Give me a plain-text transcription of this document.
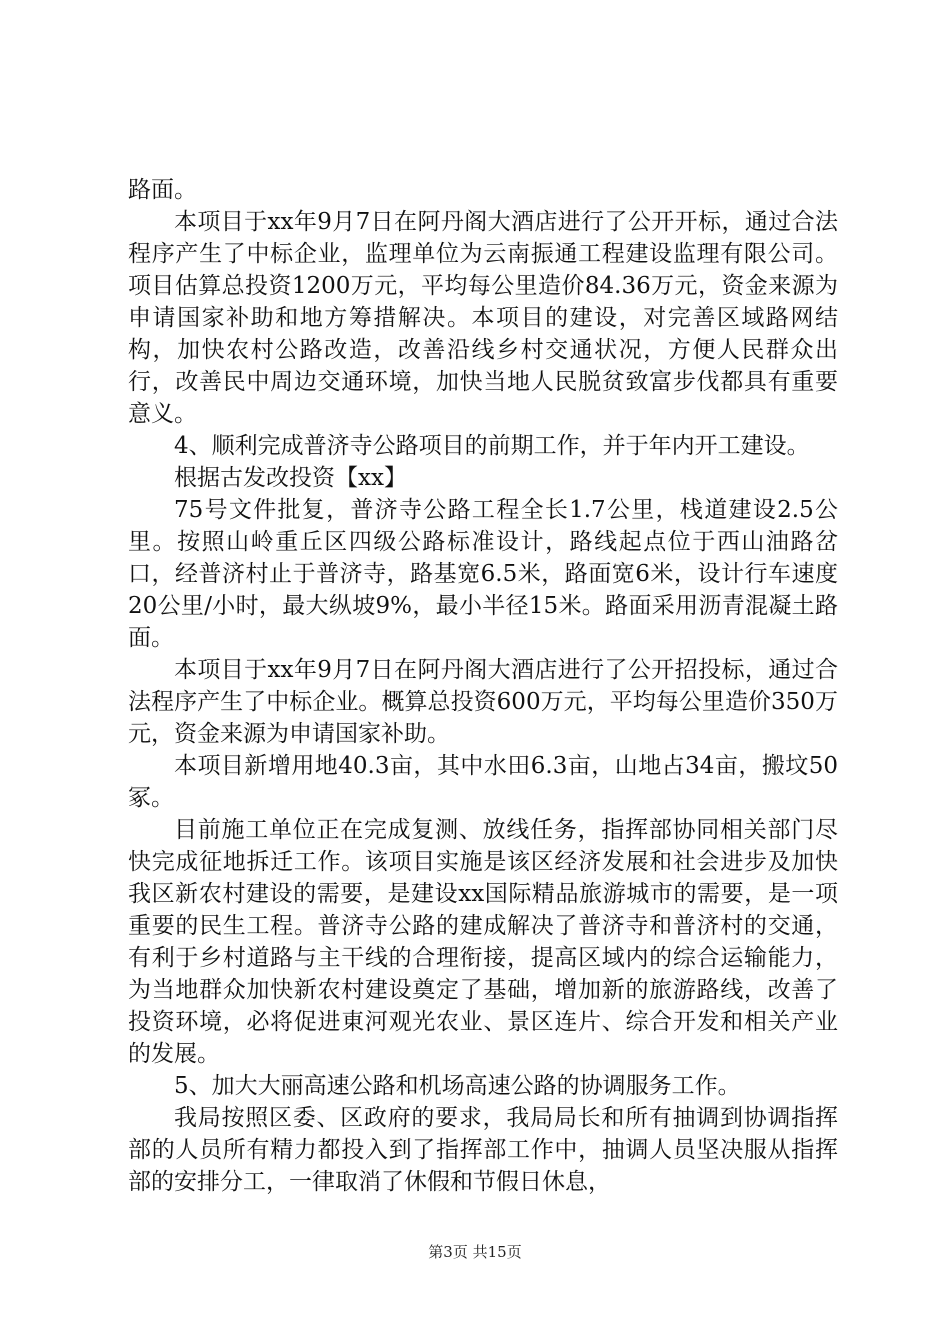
路面。

本项目于xx年9月7日在阿丹阁大酒店进行了公开开标，通过合法程序产生了中标企业，监理单位为云南振通工程建设监理有限公司。项目估算总投资1200万元，平均每公里造价84.36万元，资金来源为申请国家补助和地方筹措解决。本项目的建设，对完善区域路网结构，加快农村公路改造，改善沿线乡村交通状况，方便人民群众出行，改善民中周边交通环境，加快当地人民脱贫致富步伐都具有重要意义。

4、顺利完成普济寺公路项目的前期工作，并于年内开工建设。

根据古发改投资【xx】

75号文件批复，普济寺公路工程全长1.7公里，栈道建设2.5公里。按照山岭重丘区四级公路标准设计，路线起点位于西山油路岔口，经普济村止于普济寺，路基宽6.5米，路面宽6米，设计行车速度20公里/小时，最大纵坡9%，最小半径15米。路面采用沥青混凝土路面。

本项目于xx年9月7日在阿丹阁大酒店进行了公开招投标，通过合法程序产生了中标企业。概算总投资600万元，平均每公里造价350万元，资金来源为申请国家补助。

本项目新增用地40.3亩，其中水田6.3亩，山地占34亩，搬坟50冢。

目前施工单位正在完成复测、放线任务，指挥部协同相关部门尽快完成征地拆迁工作。该项目实施是该区经济发展和社会进步及加快我区新农村建设的需要，是建设xx国际精品旅游城市的需要，是一项重要的民生工程。普济寺公路的建成解决了普济寺和普济村的交通，有利于乡村道路与主干线的合理衔接，提高区域内的综合运输能力，为当地群众加快新农村建设奠定了基础，增加新的旅游路线，改善了投资环境，必将促进東河观光农业、景区连片、综合开发和相关产业的发展。

5、加大大丽高速公路和机场高速公路的协调服务工作。

我局按照区委、区政府的要求，我局局长和所有抽调到协调指挥部的人员所有精力都投入到了指挥部工作中，抽调人员坚决服从指挥部的安排分工，一律取消了休假和节假日休息，

第3页 共15页
